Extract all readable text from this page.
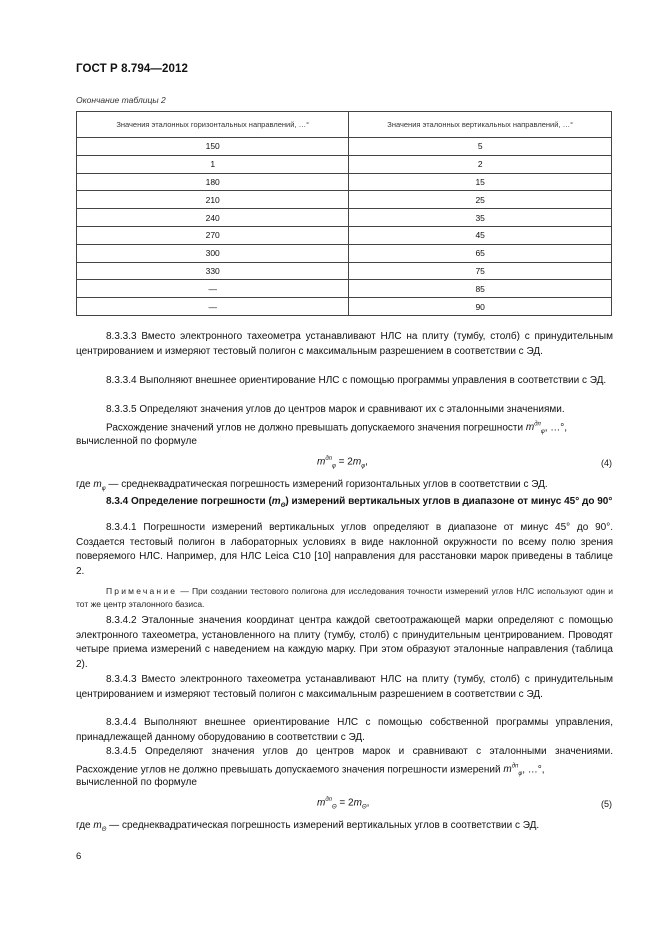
ГОСТ Р 8.794—2012
Окончание таблицы 2
Значения эталонных горизонтальных направлений, …°	Значения эталонных вертикальных направлений, …°
150	5
1	2
180	15
210	25
240	35
270	45
300	65
330	75
—	85
—	90
8.3.3.3 Вместо электронного тахеометра устанавливают НЛС на плиту (тумбу, столб) с принудительным центрированием и измеряют тестовый полигон с максимальным разрешением в соответствии с ЭД.
8.3.3.4 Выполняют внешнее ориентирование НЛС с помощью программы управления в соответствии с ЭД.
8.3.3.5 Определяют значения углов до центров марок и сравнивают их с эталонными значениями.
Расхождение значений углов не должно превышать допускаемого значения погрешности $m^{дп}_\varphi$, …°,
вычисленной по формуле
$m^{дп}_\varphi = 2m_\varphi$,	(4)
где $m_\varphi$ — среднеквадратическая погрешность измерений горизонтальных углов в соответствии с ЭД.
8.3.4 Определение погрешности $(m_\Theta)$ измерений вертикальных углов в диапазоне от минус 45° до 90°
8.3.4.1 Погрешности измерений вертикальных углов определяют в диапазоне от минус 45° до 90°. Создается тестовый полигон в лабораторных условиях в виде наклонной окружности по всему полю зрения поверяемого НЛС. Например, для НЛС Leica C10 [10] направления для расстановки марок приведены в таблице 2.
Примечание — При создании тестового полигона для исследования точности измерений углов НЛС используют один и тот же центр эталонного базиса.
8.3.4.2 Эталонные значения координат центра каждой светоотражающей марки определяют с помощью электронного тахеометра, установленного на плиту (тумбу, столб) с принудительным центрированием. Проводят четыре приема измерений с наведением на каждую марку. При этом образуют эталонные направления (таблица 2).
8.3.4.3 Вместо электронного тахеометра устанавливают НЛС на плиту (тумбу, столб) с принудительным центрированием и измеряют тестовый полигон с максимальным разрешением в соответствии с ЭД.
8.3.4.4 Выполняют внешнее ориентирование НЛС с помощью собственной программы управления, принадлежащей данному оборудованию в соответствии с ЭД.
8.3.4.5 Определяют значения углов до центров марок и сравнивают с эталонными значениями. Расхождение углов не должно превышать допускаемого значения погрешности измерений $m^{дп}_\varphi$, …°,
вычисленной по формуле
$m^{дп}_\Theta = 2m_\Theta$,	(5)
где $m_\Theta$ — среднеквадратическая погрешность измерений вертикальных углов в соответствии с ЭД.
6
